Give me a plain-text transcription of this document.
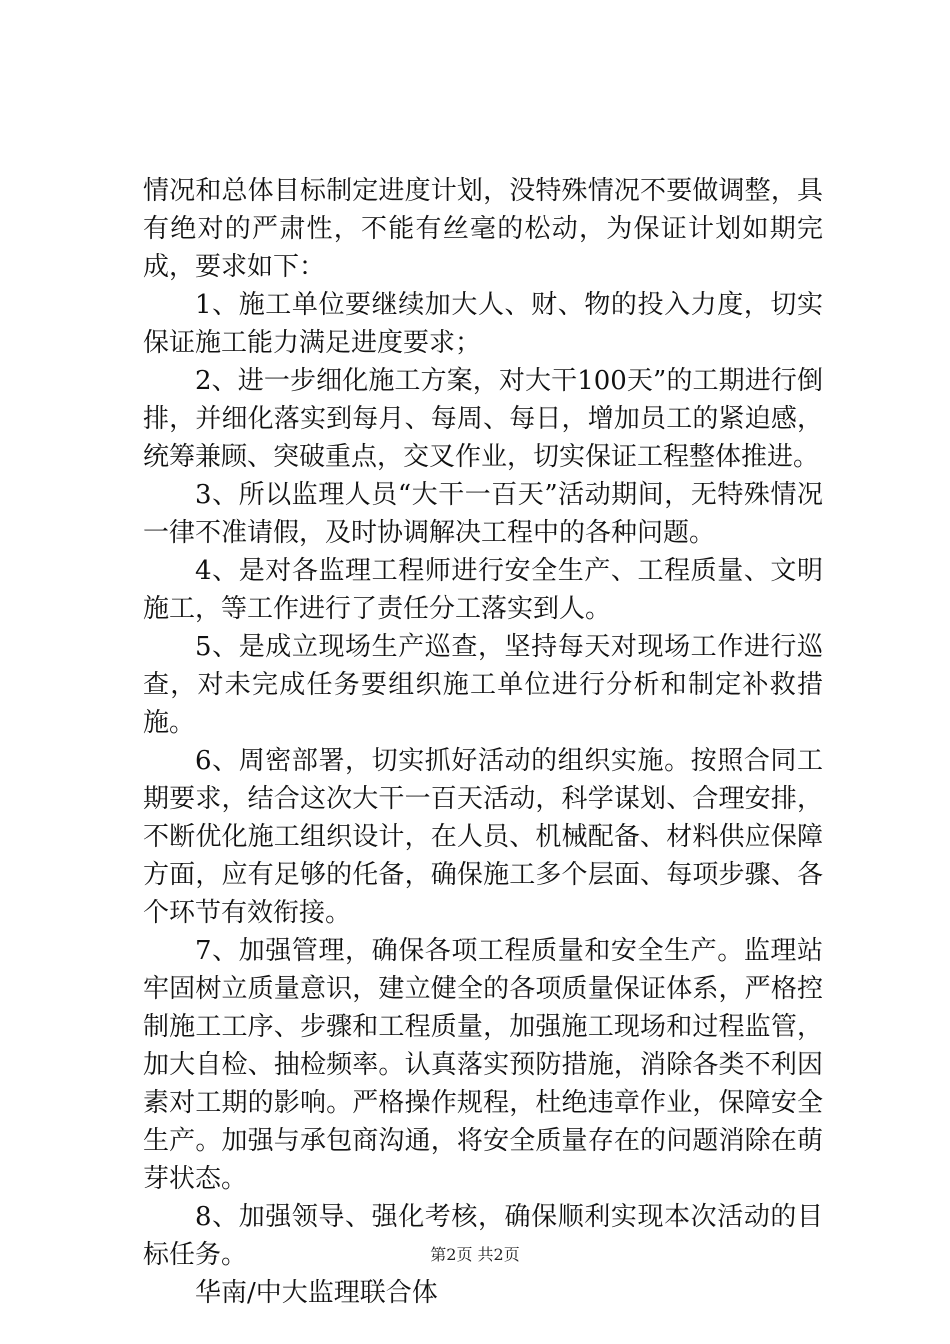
情况和总体目标制定进度计划，没特殊情况不要做调整，具有绝对的严肃性，不能有丝毫的松动，为保证计划如期完成，要求如下：

1、施工单位要继续加大人、财、物的投入力度，切实保证施工能力满足进度要求；

2、进一步细化施工方案，对大干100天”的工期进行倒排，并细化落实到每月、每周、每日，增加员工的紧迫感，统筹兼顾、突破重点，交叉作业，切实保证工程整体推进。

3、所以监理人员“大干一百天”活动期间，无特殊情况一律不准请假，及时协调解决工程中的各种问题。

4、是对各监理工程师进行安全生产、工程质量、文明施工，等工作进行了责任分工落实到人。

5、是成立现场生产巡查，坚持每天对现场工作进行巡查，对未完成任务要组织施工单位进行分析和制定补救措施。

6、周密部署，切实抓好活动的组织实施。按照合同工期要求，结合这次大干一百天活动，科学谋划、合理安排，不断优化施工组织设计，在人员、机械配备、材料供应保障方面，应有足够的仛备，确保施工多个层面、每项步骤、各个环节有效衔接。

7、加强管理，确保各项工程质量和安全生产。监理站牢固树立质量意识，建立健全的各项质量保证体系，严格控制施工工序、步骤和工程质量，加强施工现场和过程监管，加大自检、抽检频率。认真落实预防措施，消除各类不利因素对工期的影响。严格操作规程，杜绝违章作业，保障安全生产。加强与承包商沟通，将安全质量存在的问题消除在萌芽状态。

8、加强领导、强化考核，确保顺利实现本次活动的目标任务。

华南/中大监理联合体

第2页 共2页
